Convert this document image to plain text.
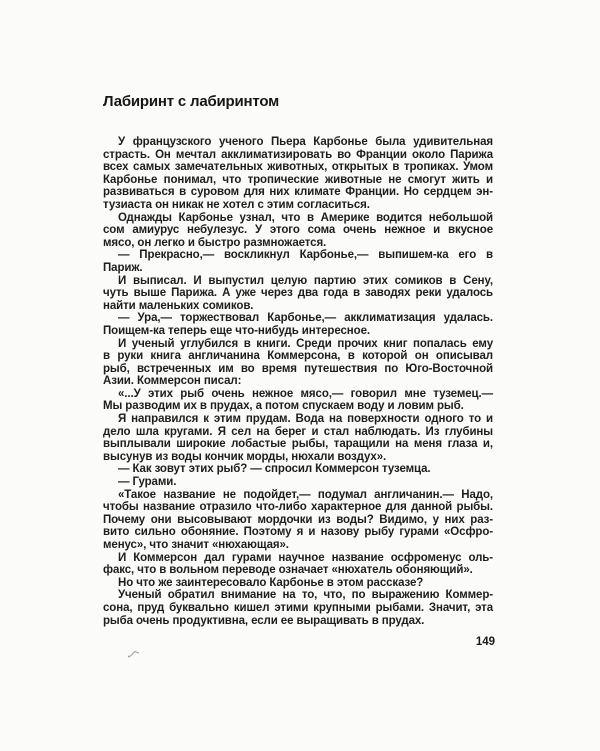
Лабиринт с лабиринтом

У французского ученого Пьера Карбонье была удивительная
страсть. Он мечтал акклиматизировать во Франции около Парижа
всех самых замечательных животных, открытых в тропиках. Умом
Карбонье понимал, что тропические животные не смогут жить и
развиваться в суровом для них климате Франции. Но сердцем эн-
тузиаста он никак не хотел с этим согласиться.

Однажды Карбонье узнал, что в Америке водится небольшой
сом амиурус небулезус. У этого сома очень нежное и вкусное
мясо, он легко и быстро размножается.

— Прекрасно,— воскликнул Карбонье,— выпишем-ка его в
Париж.

И выписал. И выпустил целую партию этих сомиков в Сену,
чуть выше Парижа. А уже через два года в заводях реки удалось
найти маленьких сомиков.

— Ура,— торжествовал Карбонье,— акклиматизация удалась.
Поищем-ка теперь еще что-нибудь интересное.

И ученый углубился в книги. Среди прочих книг попалась ему
в руки книга англичанина Коммерсона, в которой он описывал
рыб, встреченных им во время путешествия по Юго-Восточной
Азии. Коммерсон писал:

«...У этих рыб очень нежное мясо,— говорил мне туземец.—
Мы разводим их в прудах, а потом спускаем воду и ловим рыб.

Я направился к этим прудам. Вода на поверхности одного то и
дело шла кругами. Я сел на берег и стал наблюдать. Из глубины
выплывали широкие лобастые рыбы, таращили на меня глаза и,
высунув из воды кончик морды, нюхали воздух».

— Как зовут этих рыб? — спросил Коммерсон туземца.

— Гурами.

«Такое название не подойдет,— подумал англичанин.— Надо,
чтобы название отразило что-либо характерное для данной рыбы.
Почему они высовывают мордочки из воды? Видимо, у них раз-
вито сильно обоняние. Поэтому я и назову рыбу гурами «Осфро-
менус», что значит «нюхающая».

И Коммерсон дал гурами научное название осфроменус оль-
факс, что в вольном переводе означает «нюхатель обоняющий».

Но что же заинтересовало Карбонье в этом рассказе?

Ученый обратил внимание на то, что, по выражению Коммер-
сона, пруд буквально кишел этими крупными рыбами. Значит, эта
рыба очень продуктивна, если ее выращивать в прудах.

149
